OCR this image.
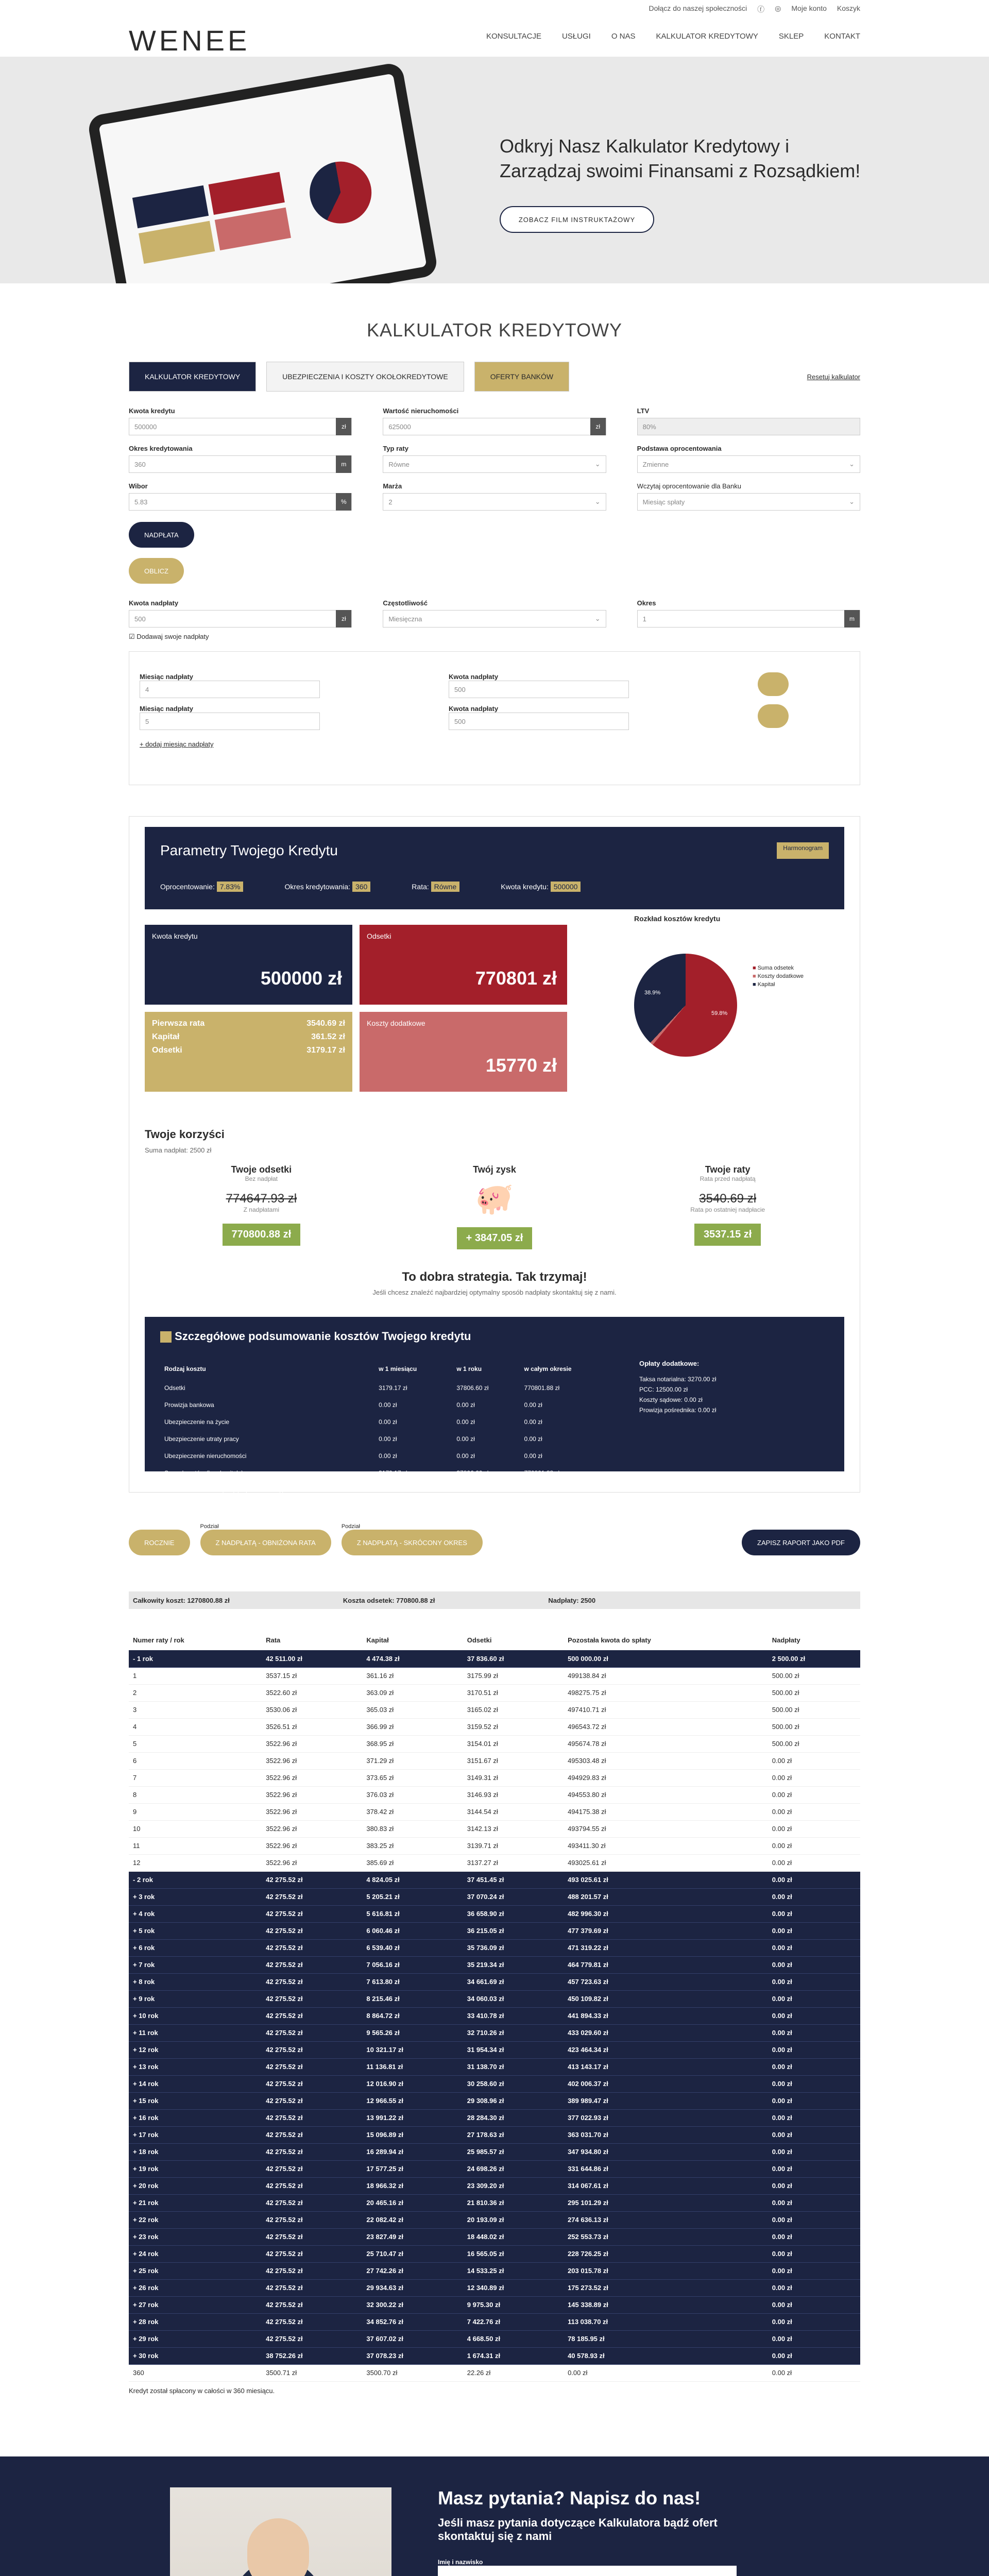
WENEE
Dołącz do naszej społeczności ⓕ ◎ Moje konto Koszyk
KONSULTACJE	USŁUGI	O NAS	KALKULATOR KREDYTOWY	SKLEP	KONTAKT
Odkryj Nasz Kalkulator Kredytowy i Zarządzaj swoimi Finansami z Rozsądkiem!
ZOBACZ FILM INSTRUKTAŻOWY
KALKULATOR KREDYTOWY
KALKULATOR KREDYTOWY	UBEZPIECZENIA I KOSZTY OKOŁOKREDYTOWE	OFERTY BANKÓW	Resetuj kalkulator
Kwota kredytu
500000	zł
Wartość nieruchomości
625000	zł
LTV
80%
Okres kredytowania
360	m
Typ raty
Równe	⌄
Podstawa oprocentowania
Zmienne	⌄
Wibor
5.83	%
Marża
2	⌄
Wczytaj oprocentowanie dla Banku
Miesiąc spłaty	⌄
NADPŁATA
OBLICZ
Kwota nadpłaty
500	zł
Częstotliwość
Miesięczna	⌄
Okres
1	m
☑ Dodawaj swoje nadpłaty
Miesiąc nadpłaty
4
Kwota nadpłaty
500
Miesiąc nadpłaty
5
Kwota nadpłaty
500
+ dodaj miesiąc nadpłaty
Parametry Twojego Kredytu	Harmonogram
Oprocentowanie: 7.83%	Okres kredytowania: 360	Rata: Równe	Kwota kredytu: 500000
Kwota kredytu
500000 zł
Odsetki
770801 zł
Pierwsza rata	3540.69 zł
Kapitał	361.52 zł
Odsetki	3179.17 zł
Koszty dodatkowe
15770 zł
Rozkład kosztów kredytu
59.8%
38.9%
■ Suma odsetek
■ Koszty dodatkowe
■ Kapitał
Twoje korzyści
Suma nadpłat: 2500 zł
Twoje odsetki
Bez nadpłat
774647.93 zł
Z nadpłatami
770800.88 zł
Twój zysk
🐖
+ 3847.05 zł
Twoje raty
Rata przed nadpłatą
3540.69 zł
Rata po ostatniej nadpłacie
3537.15 zł
To dobra strategia. Tak trzymaj!
Jeśli chcesz znaleźć najbardziej optymalny sposób nadpłaty skontaktuj się z nami.
Szczegółowe podsumowanie kosztów Twojego kredytu
Rodzaj kosztu	w 1 miesiącu	w 1 roku	w całym okresie
Odsetki	3179.17 zł	37806.60 zł	770801.88 zł
Prowizja bankowa	0.00 zł	0.00 zł	0.00 zł
Ubezpieczenie na życie	0.00 zł	0.00 zł	0.00 zł
Ubezpieczenie utraty pracy	0.00 zł	0.00 zł	0.00 zł
Ubezpieczenie nieruchomości	0.00 zł	0.00 zł	0.00 zł
Suma kosztów (bez kapitału)	3179.17 zł	37806.60 zł	770801.88 zł
Całkowita kwota do spłaty (kapitał + koszty)	3540.69 zł	42510.88 zł	1270801.88 zł
Opłaty dodatkowe:
Taksa notarialna: 3270.00 zł
PCC: 12500.00 zł
Koszty sądowe: 0.00 zł
Prowizja pośrednika: 0.00 zł
ROCZNIE
Podział
Z NADPŁATĄ - OBNIŻONA RATA
Podział
Z NADPŁATĄ - SKRÓCONY OKRES	ZAPISZ RAPORT JAKO PDF
Całkowity koszt: 1270800.88 zł	Koszta odsetek: 770800.88 zł	Nadpłaty: 2500
Numer raty / rok	Rata	Kapitał	Odsetki	Pozostała kwota do spłaty	Nadpłaty
- 1 rok	42 511.00 zł	4 474.38 zł	37 836.60 zł	500 000.00 zł	2 500.00 zł
1	3537.15 zł	361.16 zł	3175.99 zł	499138.84 zł	500.00 zł
2	3522.60 zł	363.09 zł	3170.51 zł	498275.75 zł	500.00 zł
3	3530.06 zł	365.03 zł	3165.02 zł	497410.71 zł	500.00 zł
4	3526.51 zł	366.99 zł	3159.52 zł	496543.72 zł	500.00 zł
5	3522.96 zł	368.95 zł	3154.01 zł	495674.78 zł	500.00 zł
6	3522.96 zł	371.29 zł	3151.67 zł	495303.48 zł	0.00 zł
7	3522.96 zł	373.65 zł	3149.31 zł	494929.83 zł	0.00 zł
8	3522.96 zł	376.03 zł	3146.93 zł	494553.80 zł	0.00 zł
9	3522.96 zł	378.42 zł	3144.54 zł	494175.38 zł	0.00 zł
10	3522.96 zł	380.83 zł	3142.13 zł	493794.55 zł	0.00 zł
11	3522.96 zł	383.25 zł	3139.71 zł	493411.30 zł	0.00 zł
12	3522.96 zł	385.69 zł	3137.27 zł	493025.61 zł	0.00 zł
- 2 rok	42 275.52 zł	4 824.05 zł	37 451.45 zł	493 025.61 zł	0.00 zł
+ 3 rok	42 275.52 zł	5 205.21 zł	37 070.24 zł	488 201.57 zł	0.00 zł
+ 4 rok	42 275.52 zł	5 616.81 zł	36 658.90 zł	482 996.30 zł	0.00 zł
+ 5 rok	42 275.52 zł	6 060.46 zł	36 215.05 zł	477 379.69 zł	0.00 zł
+ 6 rok	42 275.52 zł	6 539.40 zł	35 736.09 zł	471 319.22 zł	0.00 zł
+ 7 rok	42 275.52 zł	7 056.16 zł	35 219.34 zł	464 779.81 zł	0.00 zł
+ 8 rok	42 275.52 zł	7 613.80 zł	34 661.69 zł	457 723.63 zł	0.00 zł
+ 9 rok	42 275.52 zł	8 215.46 zł	34 060.03 zł	450 109.82 zł	0.00 zł
+ 10 rok	42 275.52 zł	8 864.72 zł	33 410.78 zł	441 894.33 zł	0.00 zł
+ 11 rok	42 275.52 zł	9 565.26 zł	32 710.26 zł	433 029.60 zł	0.00 zł
+ 12 rok	42 275.52 zł	10 321.17 zł	31 954.34 zł	423 464.34 zł	0.00 zł
+ 13 rok	42 275.52 zł	11 136.81 zł	31 138.70 zł	413 143.17 zł	0.00 zł
+ 14 rok	42 275.52 zł	12 016.90 zł	30 258.60 zł	402 006.37 zł	0.00 zł
+ 15 rok	42 275.52 zł	12 966.55 zł	29 308.96 zł	389 989.47 zł	0.00 zł
+ 16 rok	42 275.52 zł	13 991.22 zł	28 284.30 zł	377 022.93 zł	0.00 zł
+ 17 rok	42 275.52 zł	15 096.89 zł	27 178.63 zł	363 031.70 zł	0.00 zł
+ 18 rok	42 275.52 zł	16 289.94 zł	25 985.57 zł	347 934.80 zł	0.00 zł
+ 19 rok	42 275.52 zł	17 577.25 zł	24 698.26 zł	331 644.86 zł	0.00 zł
+ 20 rok	42 275.52 zł	18 966.32 zł	23 309.20 zł	314 067.61 zł	0.00 zł
+ 21 rok	42 275.52 zł	20 465.16 zł	21 810.36 zł	295 101.29 zł	0.00 zł
+ 22 rok	42 275.52 zł	22 082.42 zł	20 193.09 zł	274 636.13 zł	0.00 zł
+ 23 rok	42 275.52 zł	23 827.49 zł	18 448.02 zł	252 553.73 zł	0.00 zł
+ 24 rok	42 275.52 zł	25 710.47 zł	16 565.05 zł	228 726.25 zł	0.00 zł
+ 25 rok	42 275.52 zł	27 742.26 zł	14 533.25 zł	203 015.78 zł	0.00 zł
+ 26 rok	42 275.52 zł	29 934.63 zł	12 340.89 zł	175 273.52 zł	0.00 zł
+ 27 rok	42 275.52 zł	32 300.22 zł	9 975.30 zł	145 338.89 zł	0.00 zł
+ 28 rok	42 275.52 zł	34 852.76 zł	7 422.76 zł	113 038.70 zł	0.00 zł
+ 29 rok	42 275.52 zł	37 607.02 zł	4 668.50 zł	78 185.95 zł	0.00 zł
+ 30 rok	38 752.26 zł	37 078.23 zł	1 674.31 zł	40 578.93 zł	0.00 zł
360	3500.71 zł	3500.70 zł	22.26 zł	0.00 zł	0.00 zł
Kredyt został spłacony w całości w 360 miesiącu.
Masz pytania? Napisz do nas!
Jeśli masz pytania dotyczące Kalkulatora bądź ofert skontaktuj się z nami
Imię i nazwisko
